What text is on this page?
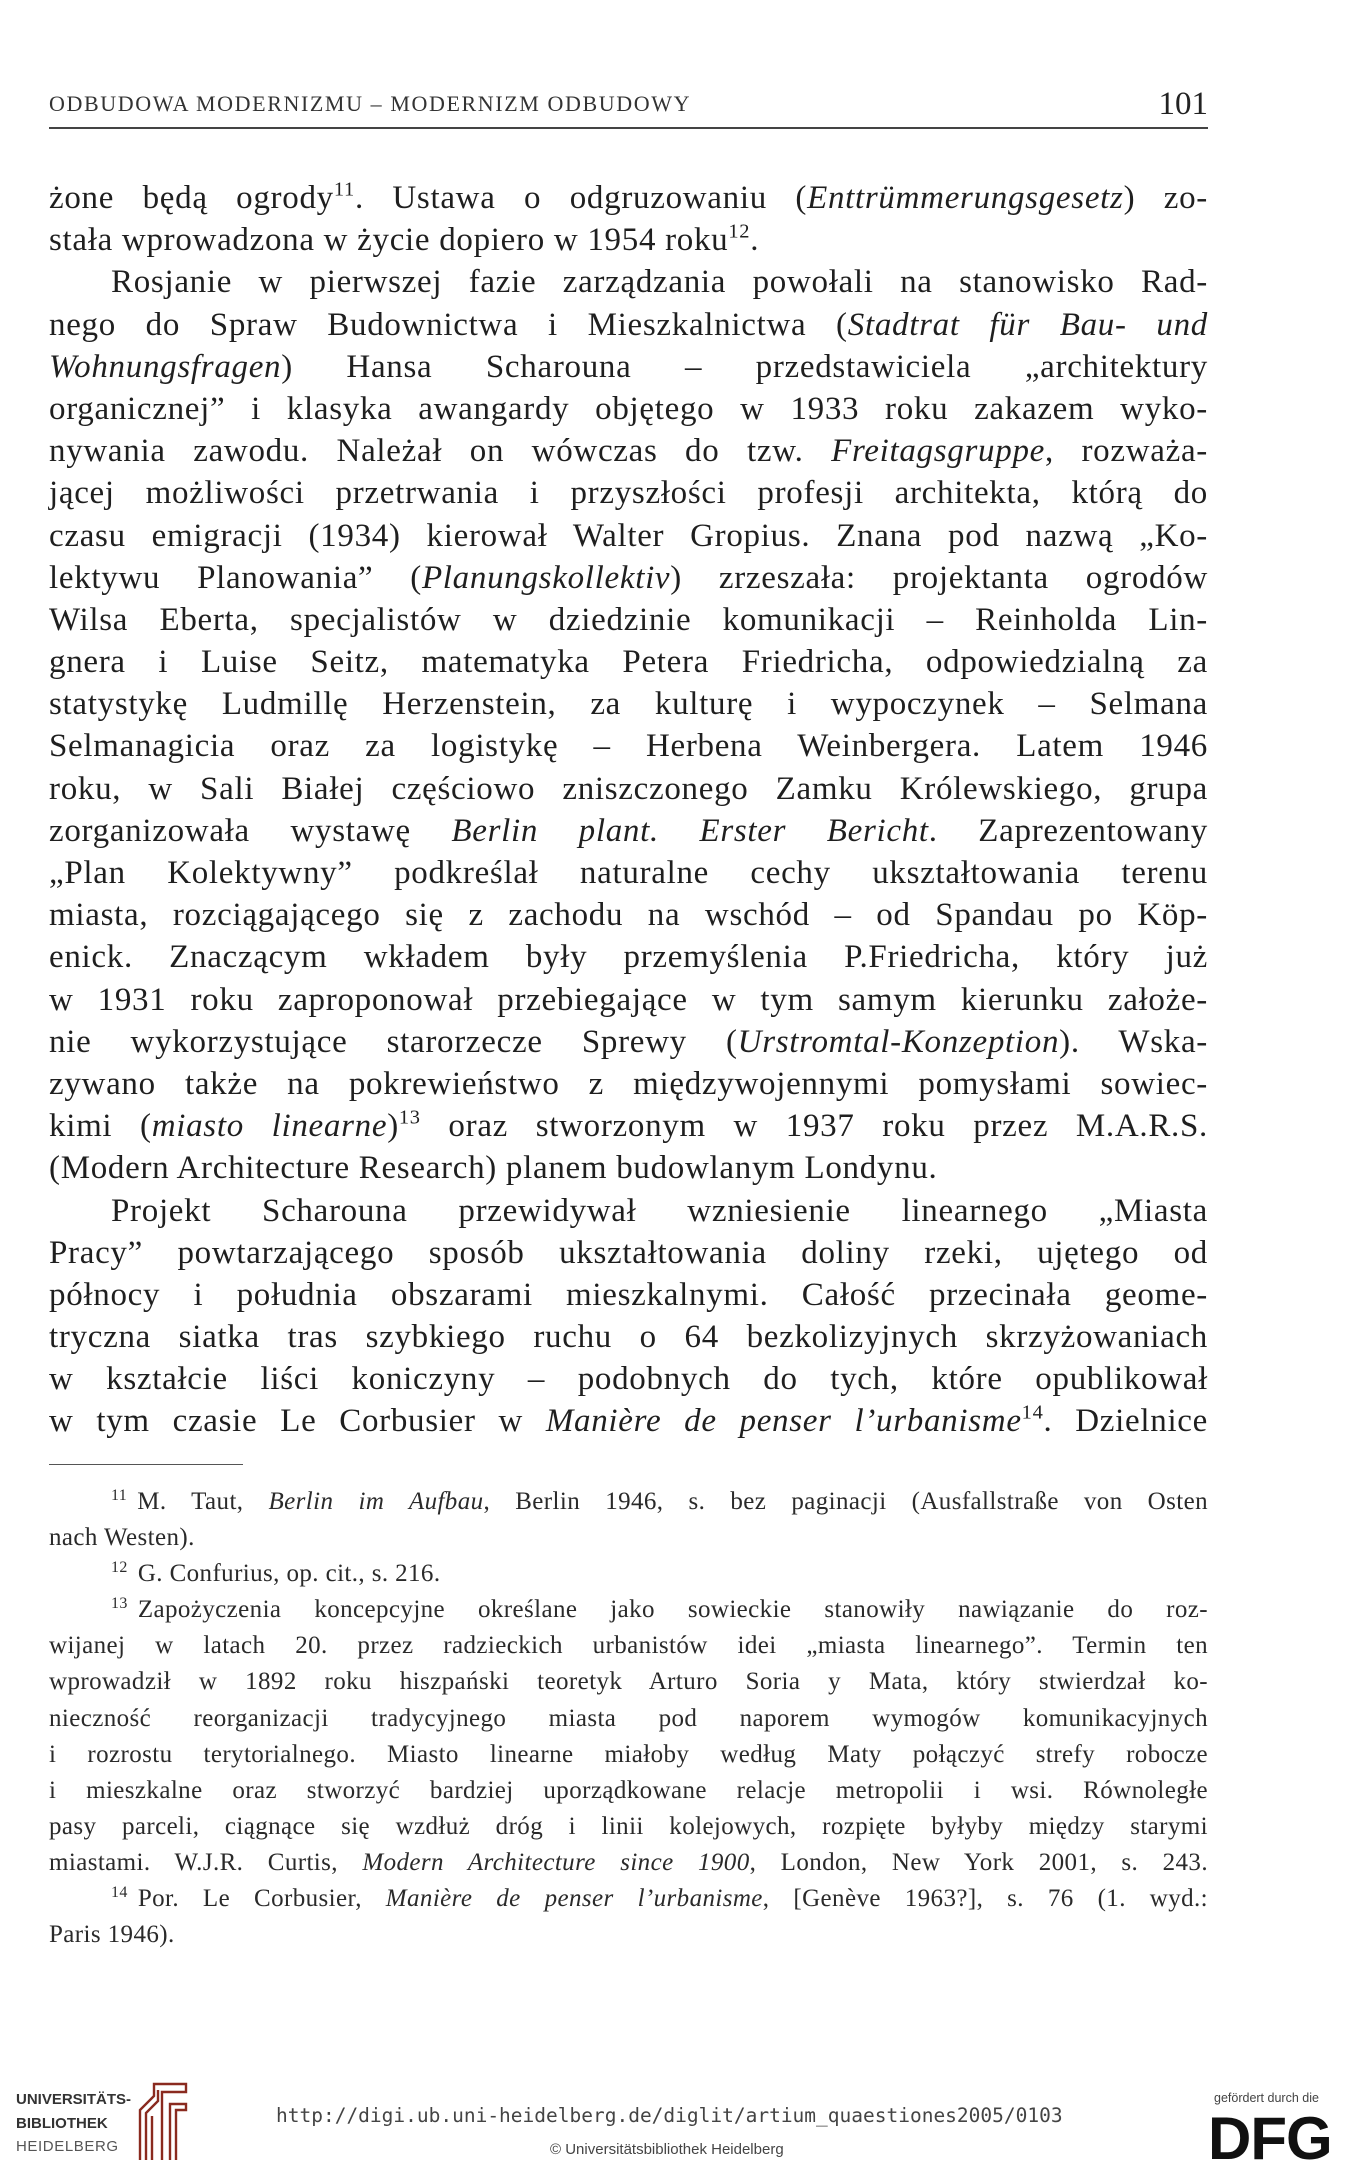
ODBUDOWA MODERNIZMU – MODERNIZM ODBUDOWY	101
żone będą ogrody$^{11}$. Ustawa o odgruzowaniu (Enttrümmerungsgesetz) zo-
stała wprowadzona w życie dopiero w 1954 roku$^{12}$.
Rosjanie w pierwszej fazie zarządzania powołali na stanowisko Rad-
nego do Spraw Budownictwa i Mieszkalnictwa (Stadtrat für Bau- und
Wohnungsfragen) Hansa Scharouna – przedstawiciela „architektury
organicznej” i klasyka awangardy objętego w 1933 roku zakazem wyko-
nywania zawodu. Należał on wówczas do tzw. Freitagsgruppe, rozważa-
jącej możliwości przetrwania i przyszłości profesji architekta, którą do
czasu emigracji (1934) kierował Walter Gropius. Znana pod nazwą „Ko-
lektywu Planowania” (Planungskollektiv) zrzeszała: projektanta ogrodów
Wilsa Eberta, specjalistów w dziedzinie komunikacji – Reinholda Lin-
gnera i Luise Seitz, matematyka Petera Friedricha, odpowiedzialną za
statystykę Ludmillę Herzenstein, za kulturę i wypoczynek – Selmana
Selmanagicia oraz za logistykę – Herbena Weinbergera. Latem 1946
roku, w Sali Białej częściowo zniszczonego Zamku Królewskiego, grupa
zorganizowała wystawę Berlin plant. Erster Bericht. Zaprezentowany
„Plan Kolektywny” podkreślał naturalne cechy ukształtowania terenu
miasta, rozciągającego się z zachodu na wschód – od Spandau po Köp-
enick. Znaczącym wkładem były przemyślenia P.Friedricha, który już
w 1931 roku zaproponował przebiegające w tym samym kierunku założe-
nie wykorzystujące starorzecze Sprewy (Urstromtal-Konzeption). Wska-
zywano także na pokrewieństwo z międzywojennymi pomysłami sowiec-
kimi (miasto linearne)$^{13}$ oraz stworzonym w 1937 roku przez M.A.R.S.
(Modern Architecture Research) planem budowlanym Londynu.
Projekt Scharouna przewidywał wzniesienie linearnego „Miasta
Pracy” powtarzającego sposób ukształtowania doliny rzeki, ujętego od
północy i południa obszarami mieszkalnymi. Całość przecinała geome-
tryczna siatka tras szybkiego ruchu o 64 bezkolizyjnych skrzyżowaniach
w kształcie liści koniczyny – podobnych do tych, które opublikował
w tym czasie Le Corbusier w Manière de penser l’urbanisme$^{14}$. Dzielnice
$^{11}$ M. Taut, Berlin im Aufbau, Berlin 1946, s. bez paginacji (Ausfallstraße von Osten
nach Westen).
$^{12}$ G. Confurius, op. cit., s. 216.
$^{13}$ Zapożyczenia koncepcyjne określane jako sowieckie stanowiły nawiązanie do roz-
wijanej w latach 20. przez radzieckich urbanistów idei „miasta linearnego”. Termin ten
wprowadził w 1892 roku hiszpański teoretyk Arturo Soria y Mata, który stwierdzał ko-
nieczność reorganizacji tradycyjnego miasta pod naporem wymogów komunikacyjnych
i rozrostu terytorialnego. Miasto linearne miałoby według Maty połączyć strefy robocze
i mieszkalne oraz stworzyć bardziej uporządkowane relacje metropolii i wsi. Równoległe
pasy parceli, ciągnące się wzdłuż dróg i linii kolejowych, rozpięte byłyby między starymi
miastami. W.J.R. Curtis, Modern Architecture since 1900, London, New York 2001, s. 243.
$^{14}$ Por. Le Corbusier, Manière de penser l’urbanisme, [Genève 1963?], s. 76 (1. wyd.:
Paris 1946).
UNIVERSITÄTS-
BIBLIOTHEK
HEIDELBERG
http://digi.ub.uni-heidelberg.de/diglit/artium_quaestiones2005/0103
© Universitätsbibliothek Heidelberg
gefördert durch die
DFG
